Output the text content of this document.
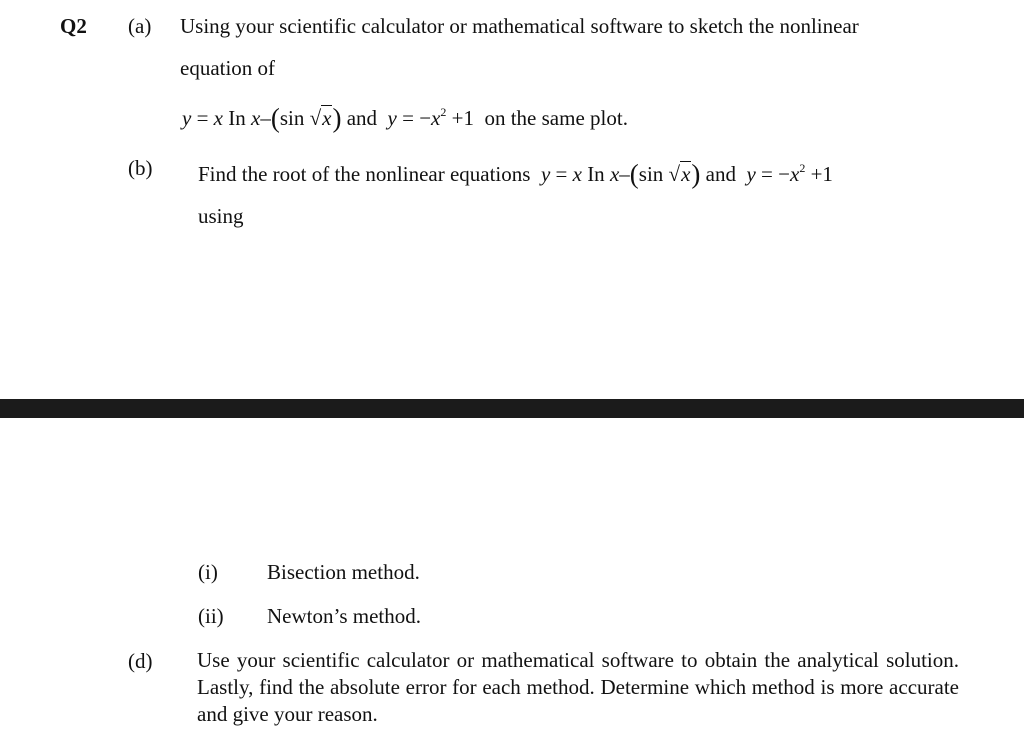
Q2 (a) Using your scientific calculator or mathematical software to sketch the nonlinear
equation of
y = x In x–(sin √x) and $y = -x^2 +1$ on the same plot.
(b) Find the root of the nonlinear equations y = x In x–(sin √x) and $y = -x^2 +1$
using
(i) Bisection method.
(ii) Newton’s method.
(d) Use your scientific calculator or mathematical software to obtain the analytical solution. Lastly, find the absolute error for each method. Determine which method is more accurate and give your reason.
